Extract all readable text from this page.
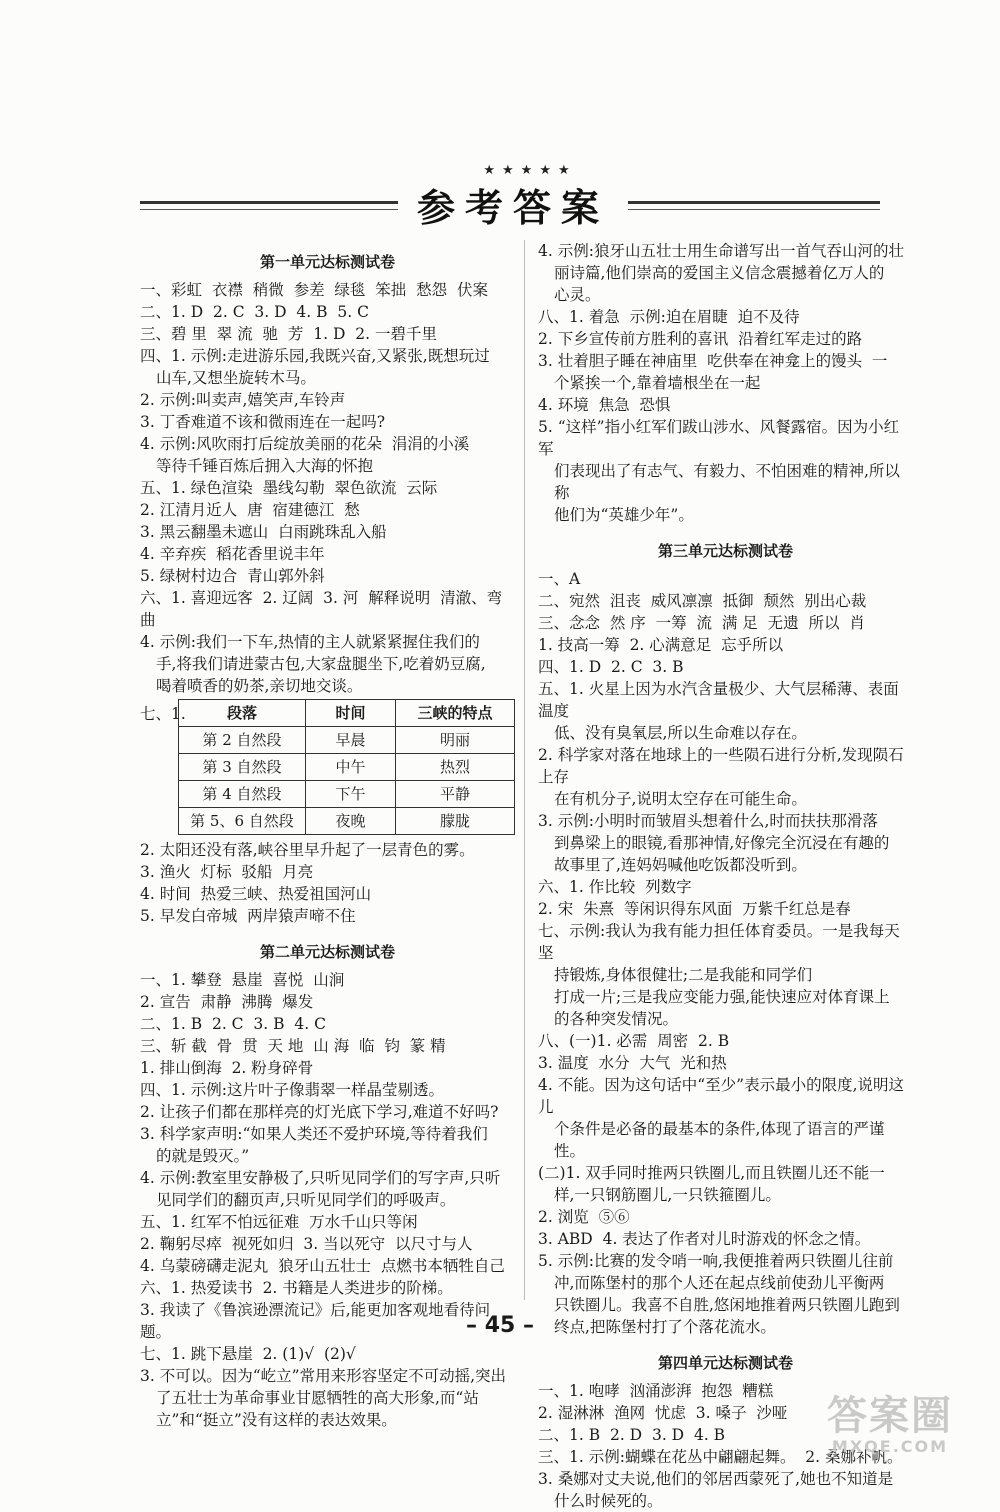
★★★★★
参考答案
第一单元达标测试卷
一、彩虹  衣襟  稍微  参差  绿毯  笨拙  愁怨  伏案
二、1. D  2. C  3. D  4. B  5. C
三、碧 里  翠 流  驰  芳  1. D  2. 一碧千里
四、1. 示例:走进游乐园,我既兴奋,又紧张,既想玩过
山车,又想坐旋转木马。
2. 示例:叫卖声,嬉笑声,车铃声
3. 丁香难道不该和微雨连在一起吗?
4. 示例:风吹雨打后绽放美丽的花朵  涓涓的小溪
等待千锤百炼后拥入大海的怀抱
五、1. 绿色渲染  墨线勾勒  翠色欲流  云际
2. 江清月近人  唐  宿建德江  愁
3. 黑云翻墨未遮山  白雨跳珠乱入船
4. 辛弃疾  稻花香里说丰年
5. 绿树村边合  青山郭外斜
六、1. 喜迎远客  2. 辽阔  3. 河  解释说明  清澈、弯曲
4. 示例:我们一下车,热情的主人就紧紧握住我们的
手,将我们请进蒙古包,大家盘腿坐下,吃着奶豆腐,
喝着喷香的奶茶,亲切地交谈。
七、1.	段落	时间	三峡的特点
第 2 自然段	早晨	明丽
第 3 自然段	中午	热烈
第 4 自然段	下午	平静
第 5、6 自然段	夜晚	朦胧
2. 太阳还没有落,峡谷里早升起了一层青色的雾。
3. 渔火  灯标  驳船  月亮
4. 时间  热爱三峡、热爱祖国河山
5. 早发白帝城  两岸猿声啼不住
第二单元达标测试卷
一、1. 攀登  悬崖  喜悦  山涧
2. 宣告  肃静  沸腾  爆发
二、1. B  2. C  3. B  4. C
三、斩 截  骨  贯  天 地  山 海  临  钧  篆 精
1. 排山倒海  2. 粉身碎骨
四、1. 示例:这片叶子像翡翠一样晶莹剔透。
2. 让孩子们都在那样亮的灯光底下学习,难道不好吗?
3. 科学家声明:“如果人类还不爱护环境,等待着我们
的就是毁灭。”
4. 示例:教室里安静极了,只听见同学们的写字声,只听
见同学们的翻页声,只听见同学们的呼吸声。
五、1. 红军不怕远征难  万水千山只等闲
2. 鞠躬尽瘁  视死如归  3. 当以死守  以尺寸与人
4. 乌蒙磅礴走泥丸  狼牙山五壮士  点燃书本牺牲自己
六、1. 热爱读书  2. 书籍是人类进步的阶梯。
3. 我读了《鲁滨逊漂流记》后,能更加客观地看待问题。
七、1. 跳下悬崖  2. (1)√  (2)√
3. 不可以。因为“屹立”常用来形容坚定不可动摇,突出
了五壮士为革命事业甘愿牺牲的高大形象,而“站
立”和“挺立”没有这样的表达效果。
4. 示例:狼牙山五壮士用生命谱写出一首气吞山河的壮
丽诗篇,他们崇高的爱国主义信念震撼着亿万人的
心灵。
八、1. 着急  示例:迫在眉睫  迫不及待
2. 下乡宣传前方胜利的喜讯  沿着红军走过的路
3. 壮着胆子睡在神庙里  吃供奉在神龛上的馒头  一
个紧挨一个,靠着墙根坐在一起
4. 环境  焦急  恐惧
5. “这样”指小红军们跋山涉水、风餐露宿。因为小红军
们表现出了有志气、有毅力、不怕困难的精神,所以称
他们为“英雄少年”。
第三单元达标测试卷
一、A
二、宛然  沮丧  威风凛凛  抵御  颓然  别出心裁
三、念念  然 序  一筹  流  满 足  无遗  所以  肖
1. 技高一筹  2. 心满意足  忘乎所以
四、1. D  2. C  3. B
五、1. 火星上因为水汽含量极少、大气层稀薄、表面温度
低、没有臭氧层,所以生命难以存在。
2. 科学家对落在地球上的一些陨石进行分析,发现陨石上存
在有机分子,说明太空存在可能生命。
3. 示例:小明时而皱眉头想着什么,时而扶扶那滑落
到鼻梁上的眼镜,看那神情,好像完全沉浸在有趣的
故事里了,连妈妈喊他吃饭都没听到。
六、1. 作比较  列数字
2. 宋  朱熹  等闲识得东风面  万紫千红总是春
七、示例:我认为我有能力担任体育委员。一是我每天坚
持锻炼,身体很健壮;二是我能和同学们
打成一片;三是我应变能力强,能快速应对体育课上
的各种突发情况。
八、(一)1. 必需  周密  2. B
3. 温度  水分  大气  光和热
4. 不能。因为这句话中“至少”表示最小的限度,说明这儿
个条件是必备的最基本的条件,体现了语言的严谨性。
(二)1. 双手同时推两只铁圈儿,而且铁圈儿还不能一
样,一只钢筋圈儿,一只铁箍圈儿。
2. 浏览  ⑤⑥
3. ABD  4. 表达了作者对儿时游戏的怀念之情。
5. 示例:比赛的发令哨一响,我便推着两只铁圈儿往前
冲,而陈堡村的那个人还在起点线前使劲儿平衡两
只铁圈儿。我喜不自胜,悠闲地推着两只铁圈儿跑到
终点,把陈堡村打了个落花流水。
第四单元达标测试卷
一、1. 咆哮  汹涌澎湃  抱怨  糟糕
2. 湿淋淋  渔网  忧虑  3. 嗓子  沙哑
二、1. B  2. D  3. D  4. B
三、1. 示例:蝴蝶在花丛中翩翩起舞。  2. 桑娜补帆。
3. 桑娜对丈夫说,他们的邻居西蒙死了,她也不知道是
什么时候死的。
– 45 –
答案圈
MXQE.COM
